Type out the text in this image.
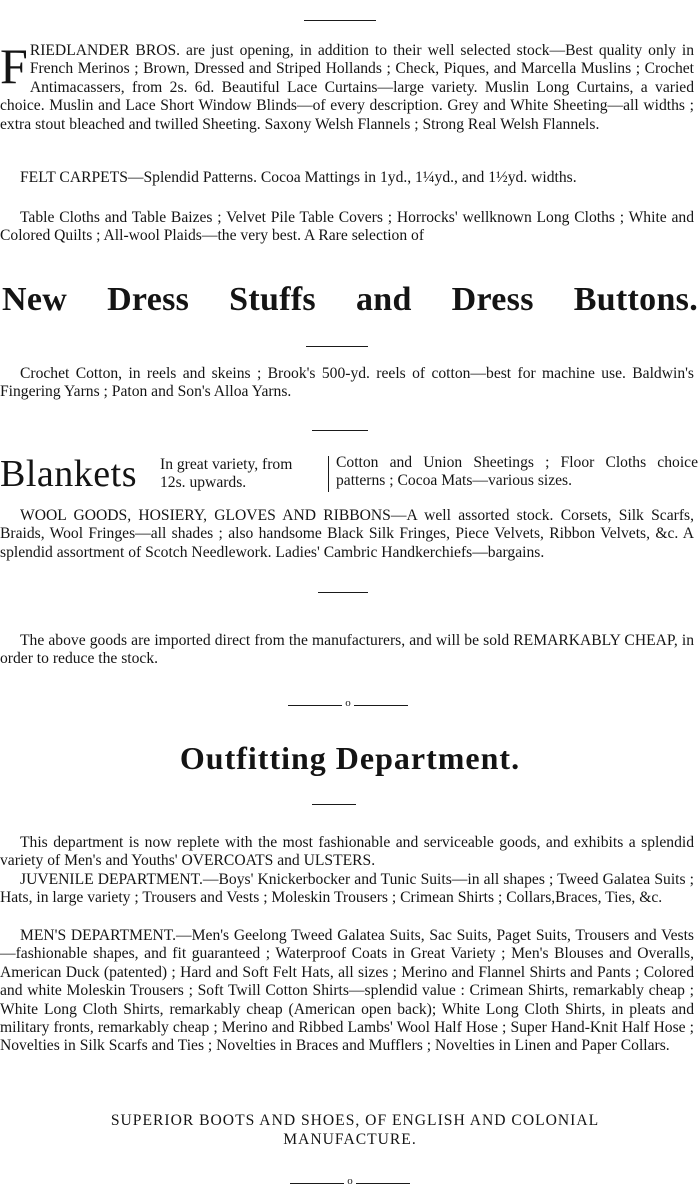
FRIEDLANDER BROS. are just opening, in addition to their well selected stock—Best quality only in French Merinos ; Brown, Dressed and Striped Hollands ; Check, Piques, and Marcella Muslins ; Crochet Antimacassers, from 2s. 6d. Beautiful Lace Curtains—large variety. Muslin Long Curtains, a varied choice. Muslin and Lace Short Window Blinds—of every description. Grey and White Sheeting—all widths ; extra stout bleached and twilled Sheeting. Saxony Welsh Flannels ; Strong Real Welsh Flannels.

FELT CARPETS—Splendid Patterns. Cocoa Mattings in 1yd., 1¼yd., and 1½yd. widths.

Table Cloths and Table Baizes ; Velvet Pile Table Covers ; Horrocks' wellknown Long Cloths ; White and Colored Quilts ; All-wool Plaids—the very best. A Rare selection of

New Dress Stuffs and Dress Buttons.

Crochet Cotton, in reels and skeins ; Brook's 500-yd. reels of cotton—best for machine use. Baldwin's Fingering Yarns ; Paton and Son's Alloa Yarns.

Blankets In great variety, from 12s. upwards.
Cotton and Union Sheetings ; Floor Cloths choice patterns ; Cocoa Mats—various sizes.

WOOL GOODS, HOSIERY, GLOVES AND RIBBONS—A well assorted stock. Corsets, Silk Scarfs, Braids, Wool Fringes—all shades ; also handsome Black Silk Fringes, Piece Velvets, Ribbon Velvets, &c. A splendid assortment of Scotch Needlework. Ladies' Cambric Handkerchiefs—bargains.

The above goods are imported direct from the manufacturers, and will be sold REMARKABLY CHEAP, in order to reduce the stock.

o
Outfitting Department.

This department is now replete with the most fashionable and serviceable goods, and exhibits a splendid variety of Men's and Youths' OVERCOATS and ULSTERS.

JUVENILE DEPARTMENT.—Boys' Knickerbocker and Tunic Suits—in all shapes ; Tweed Galatea Suits ; Hats, in large variety ; Trousers and Vests ; Moleskin Trousers ; Crimean Shirts ; Collars,Braces, Ties, &c.

MEN'S DEPARTMENT.—Men's Geelong Tweed Galatea Suits, Sac Suits, Paget Suits, Trousers and Vests—fashionable shapes, and fit guaranteed ; Waterproof Coats in Great Variety ; Men's Blouses and Overalls, American Duck (patented) ; Hard and Soft Felt Hats, all sizes ; Merino and Flannel Shirts and Pants ; Colored and white Moleskin Trousers ; Soft Twill Cotton Shirts—splendid value : Crimean Shirts, remarkably cheap ; White Long Cloth Shirts, remarkably cheap (American open back); White Long Cloth Shirts, in pleats and military fronts, remarkably cheap ; Merino and Ribbed Lambs' Wool Half Hose ; Super Hand-Knit Half Hose ; Novelties in Silk Scarfs and Ties ; Novelties in Braces and Mufflers ; Novelties in Linen and Paper Collars.

SUPERIOR BOOTS AND SHOES, OF ENGLISH AND COLONIAL
MANUFACTURE.
o
